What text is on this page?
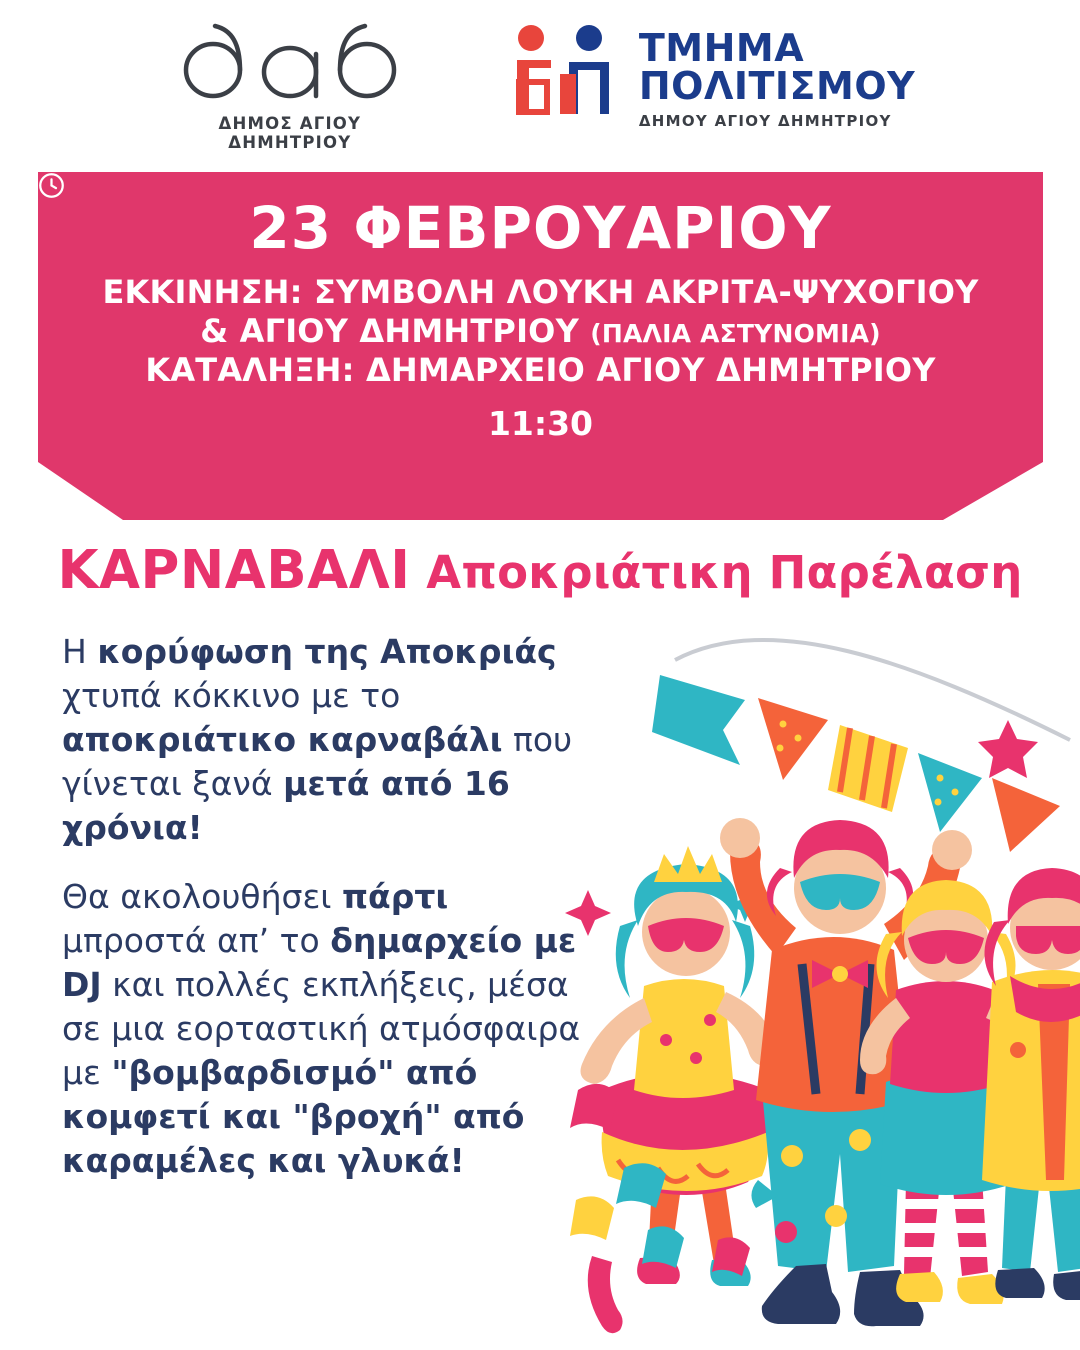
ΔΗΜΟΣ ΑΓΙΟΥ ΔΗΜΗΤΡΙΟΥ
ΤΜΗΜΑ
ΠΟΛΙΤΙΣΜΟΥ
ΔΗΜΟΥ ΑΓΙΟΥ ΔΗΜΗΤΡΙΟΥ
23 ΦΕΒΡΟΥΑΡΙΟΥ
ΕΚΚΙΝΗΣΗ: ΣΥΜΒΟΛΗ ΛΟΥΚΗ ΑΚΡΙΤΑ-ΨΥΧΟΓΙΟΥ
& ΑΓΙΟΥ ΔΗΜΗΤΡΙΟΥ (ΠΑΛΙΑ ΑΣΤΥΝΟΜΙΑ)
ΚΑΤΑΛΗΞΗ: ΔΗΜΑΡΧΕΙΟ ΑΓΙΟΥ ΔΗΜΗΤΡΙΟΥ
11:30
ΚΑΡΝΑΒΑΛΙ Αποκριάτικη Παρέλαση

Η κορύφωση της Αποκριάς χτυπά κόκκινο με το αποκριάτικο καρναβάλι που γίνεται ξανά μετά από 16 χρόνια!

Θα ακολουθήσει πάρτι μπροστά απ’ το δημαρχείο με DJ και πολλές εκπλήξεις, μέσα σε μια εορταστική ατμόσφαιρα με "βομβαρδισμό" από κομφετί και "βροχή" από καραμέλες και γλυκά!
